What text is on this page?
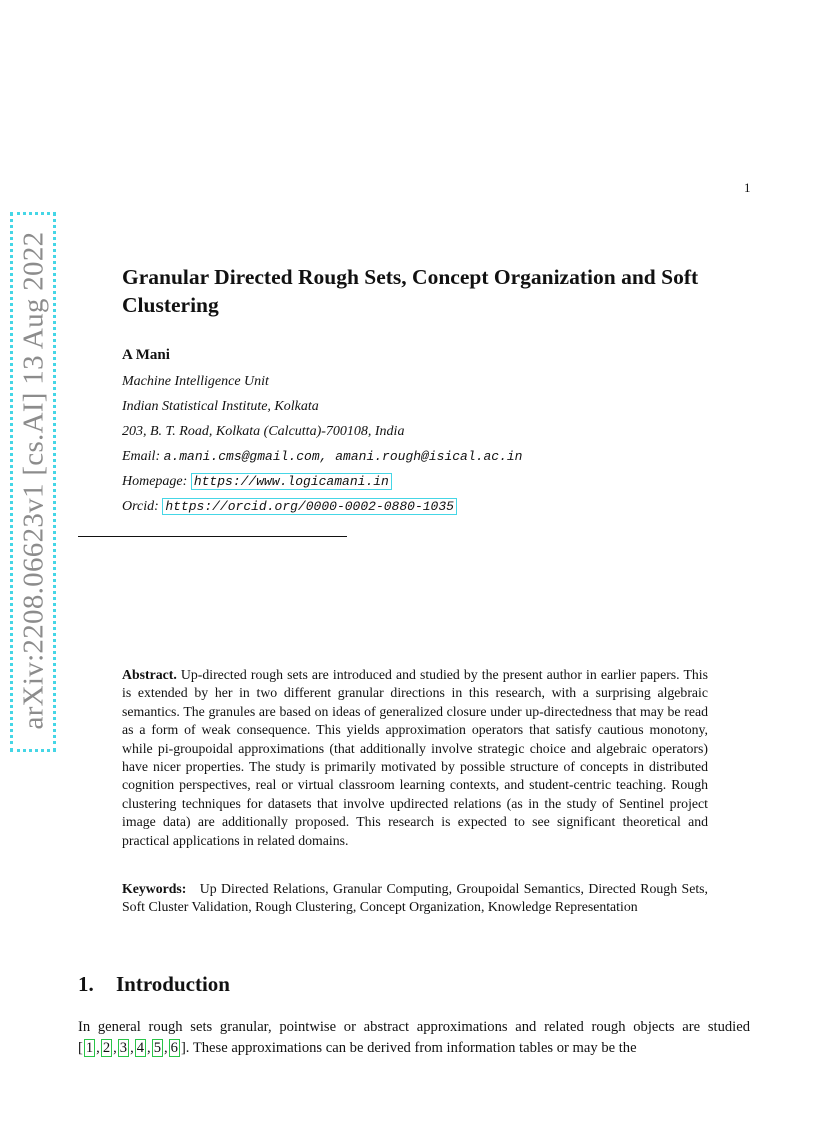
arXiv:2208.06623v1 [cs.AI] 13 Aug 2022
1
Granular Directed Rough Sets, Concept Organization and Soft Clustering
A Mani
Machine Intelligence Unit
Indian Statistical Institute, Kolkata
203, B. T. Road, Kolkata (Calcutta)-700108, India
Email: a.mani.cms@gmail.com, amani.rough@isical.ac.in
Homepage: https://www.logicamani.in
Orcid: https://orcid.org/0000-0002-0880-1035
Abstract. Up-directed rough sets are introduced and studied by the present author in earlier papers. This is extended by her in two different granular directions in this research, with a surprising algebraic semantics. The granules are based on ideas of generalized closure under up-directedness that may be read as a form of weak consequence. This yields approximation operators that satisfy cautious monotony, while pi-groupoidal approximations (that additionally involve strategic choice and algebraic operators) have nicer properties. The study is primarily motivated by possible structure of concepts in distributed cognition perspectives, real or virtual classroom learning contexts, and student-centric teaching. Rough clustering techniques for datasets that involve updirected relations (as in the study of Sentinel project image data) are additionally proposed. This research is expected to see significant theoretical and practical applications in related domains.
Keywords: Up Directed Relations, Granular Computing, Groupoidal Semantics, Directed Rough Sets, Soft Cluster Validation, Rough Clustering, Concept Organization, Knowledge Representation
1. Introduction
In general rough sets granular, pointwise or abstract approximations and related rough objects are studied [ 1 , 2 , 3 , 4 , 5 , 6 ]. These approximations can be derived from information tables or may be the
